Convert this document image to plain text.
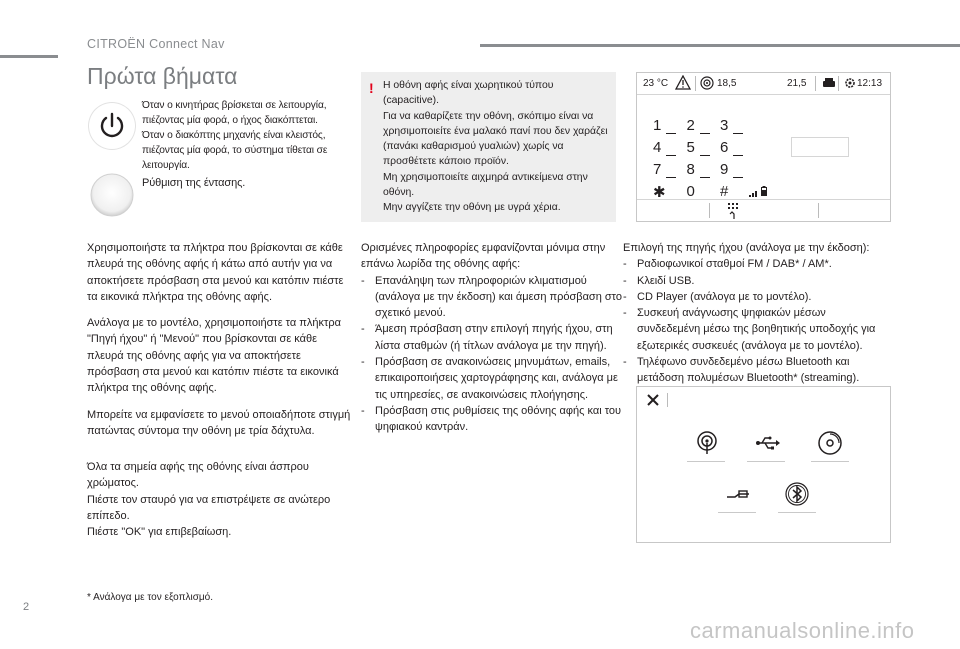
CITROËN Connect Nav
Πρώτα βήματα
Όταν ο κινητήρας βρίσκεται σε λειτουργία, πιέζοντας μία φορά, ο ήχος διακόπτεται.
Όταν ο διακόπτης μηχανής είναι κλειστός, πιέζοντας μία φορά, το σύστημα τίθεται σε λειτουργία.
Ρύθμιση της έντασης.

Χρησιμοποιήστε τα πλήκτρα που βρίσκονται σε κάθε πλευρά της οθόνης αφής ή κάτω από αυτήν για να αποκτήσετε πρόσβαση στα μενού και κατόπιν πιέστε τα εικονικά πλήκτρα της οθόνης αφής.

Ανάλογα με το μοντέλο, χρησιμοποιήστε τα πλήκτρα "Πηγή ήχου" ή "Μενού" που βρίσκονται σε κάθε πλευρά της οθόνης αφής για να αποκτήσετε πρόσβαση στα μενού και κατόπιν πιέστε τα εικονικά πλήκτρα της οθόνης αφής.

Μπορείτε να εμφανίσετε το μενού οποιαδήποτε στιγμή πατώντας σύντομα την οθόνη με τρία δάχτυλα.

Όλα τα σημεία αφής της οθόνης είναι άσπρου χρώματος.
Πιέστε τον σταυρό για να επιστρέψετε σε ανώτερο επίπεδο.
Πιέστε "OK" για επιβεβαίωση.
* Ανάλογα με τον εξοπλισμό.
! Η οθόνη αφής είναι χωρητικού τύπου (capacitive).
Για να καθαρίζετε την οθόνη, σκόπιμο είναι να χρησιμοποιείτε ένα μαλακό πανί που δεν χαράζει (πανάκι καθαρισμού γυαλιών) χωρίς να προσθέτετε κάποιο προϊόν.
Μη χρησιμοποιείτε αιχμηρά αντικείμενα στην οθόνη.
Μην αγγίζετε την οθόνη με υγρά χέρια.
Ορισμένες πληροφορίες εμφανίζονται μόνιμα στην επάνω λωρίδα της οθόνης αφής:
- Επανάληψη των πληροφοριών κλιματισμού (ανάλογα με την έκδοση) και άμεση πρόσβαση στο σχετικό μενού.
- Άμεση πρόσβαση στην επιλογή πηγής ήχου, στη λίστα σταθμών (ή τίτλων ανάλογα με την πηγή).
- Πρόσβαση σε ανακοινώσεις μηνυμάτων, emails, επικαιροποιήσεις χαρτογράφησης και, ανάλογα με τις υπηρεσίες, σε ανακοινώσεις πλοήγησης.
- Πρόσβαση στις ρυθμίσεις της οθόνης αφής και του ψηφιακού καντράν.
Επιλογή της πηγής ήχου (ανάλογα με την έκδοση):
- Ραδιοφωνικοί σταθμοί FM / DAB* / AM*.
- Κλειδί USB.
- CD Player (ανάλογα με το μοντέλο).
- Συσκευή ανάγνωσης ψηφιακών μέσων συνδεδεμένη μέσω της βοηθητικής υποδοχής για εξωτερικές συσκευές (ανάλογα με το μοντέλο).
- Τηλέφωνο συνδεδεμένο μέσω Bluetooth και μετάδοση πολυμέσων Bluetooth* (streaming).
23 °C	18,5	21,5	12:13
1	2	3
4	5	6
7	8	9
✱	0	#
2
carmanualsonline.info
